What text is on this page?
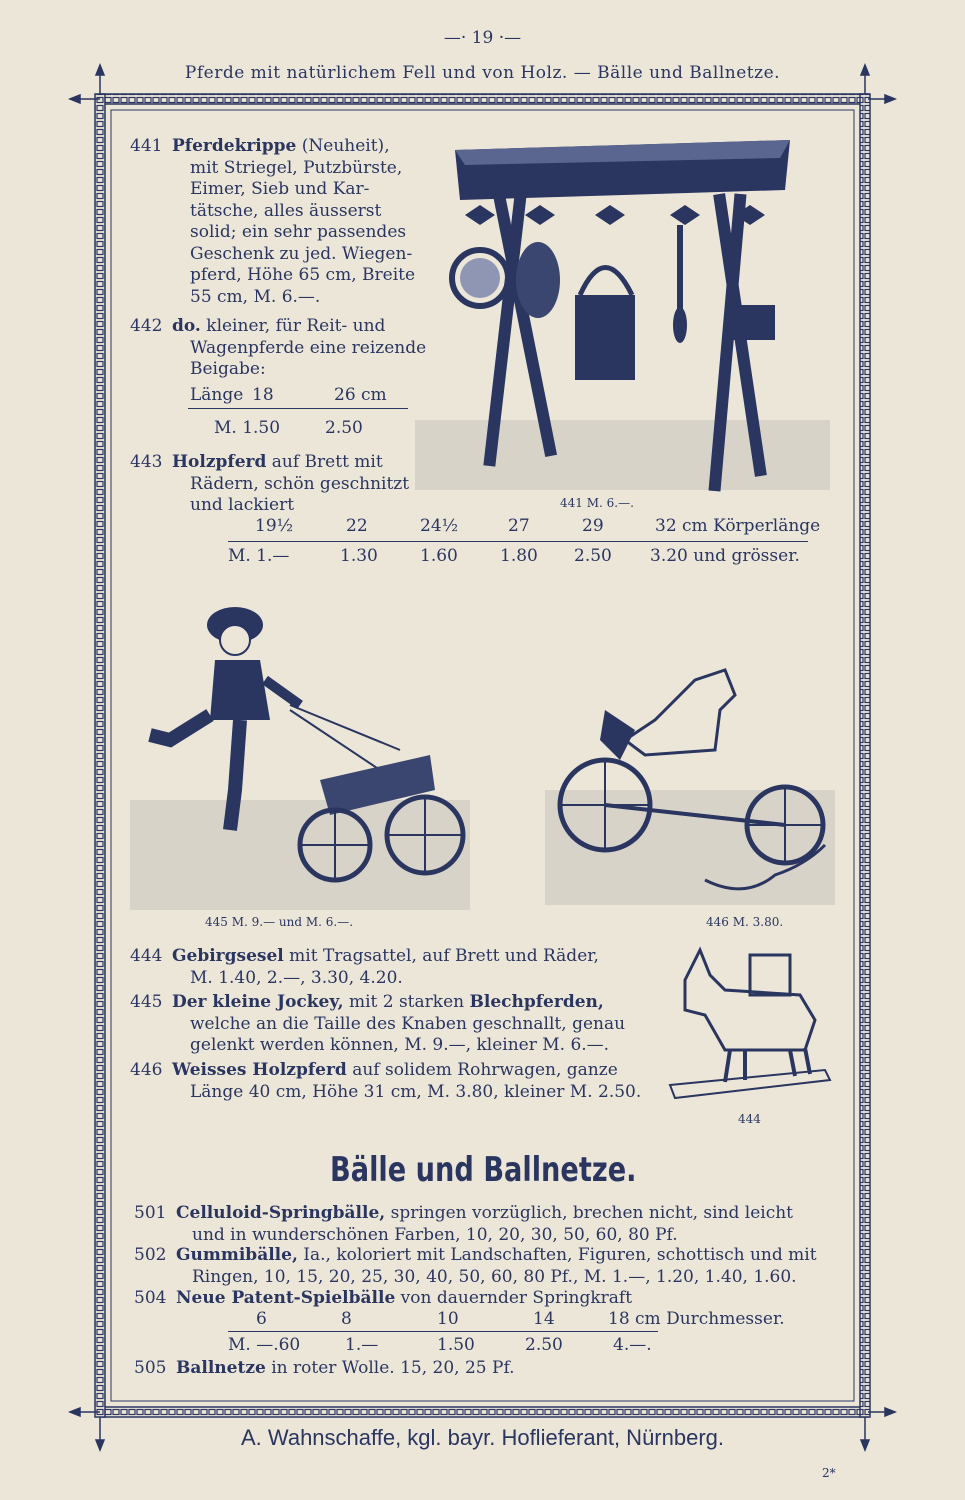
—· 19 ·—
Pferde mit natürlichem Fell und von Holz. — Bälle und Ballnetze.
441 Pferdekrippe (Neuheit),
mit Striegel, Putzbürste,
Eimer, Sieb und Kar-
tätsche, alles äusserst
solid; ein sehr passendes
Geschenk zu jed. Wiegen-
pferd, Höhe 65 cm, Breite
55 cm, M. 6.—.
442 do. kleiner, für Reit- und
Wagenpferde eine reizende
Beigabe:
Länge 18	26 cm
M. 1.50	2.50
443 Holzpferd auf Brett mit
Rädern, schön geschnitzt
und lackiert
19½	22	24½	27	29	32 cm Körperlänge
M. 1.—	1.30 1.60 1.80 2.50 3.20 und grösser.
441 M. 6.—.
445 M. 9.— und M. 6.—.	446 M. 3.80.
444 Gebirgsesel mit Tragsattel, auf Brett und Räder,
M. 1.40, 2.—, 3.30, 4.20.
445 Der kleine Jockey, mit 2 starken Blechpferden,
welche an die Taille des Knaben geschnallt, genau
gelenkt werden können, M. 9.—, kleiner M. 6.—.
446 Weisses Holzpferd auf solidem Rohrwagen, ganze
Länge 40 cm, Höhe 31 cm, M. 3.80, kleiner M. 2.50.
444
Bälle und Ballnetze.
501 Celluloid-Springbälle, springen vorzüglich, brechen nicht, sind leicht
und in wunderschönen Farben, 10, 20, 30, 50, 60, 80 Pf.
502 Gummibälle, Ia., koloriert mit Landschaften, Figuren, schottisch und mit
Ringen, 10, 15, 20, 25, 30, 40, 50, 60, 80 Pf., M. 1.—, 1.20, 1.40, 1.60.
504 Neue Patent-Spielbälle von dauernder Springkraft
6	8	10	14	18 cm Durchmesser.
M. —.60	1.—	1.50	2.50	4.—.
505 Ballnetze in roter Wolle. 15, 20, 25 Pf.
A. Wahnschaffe, kgl. bayr. Hoflieferant, Nürnberg.
2*
